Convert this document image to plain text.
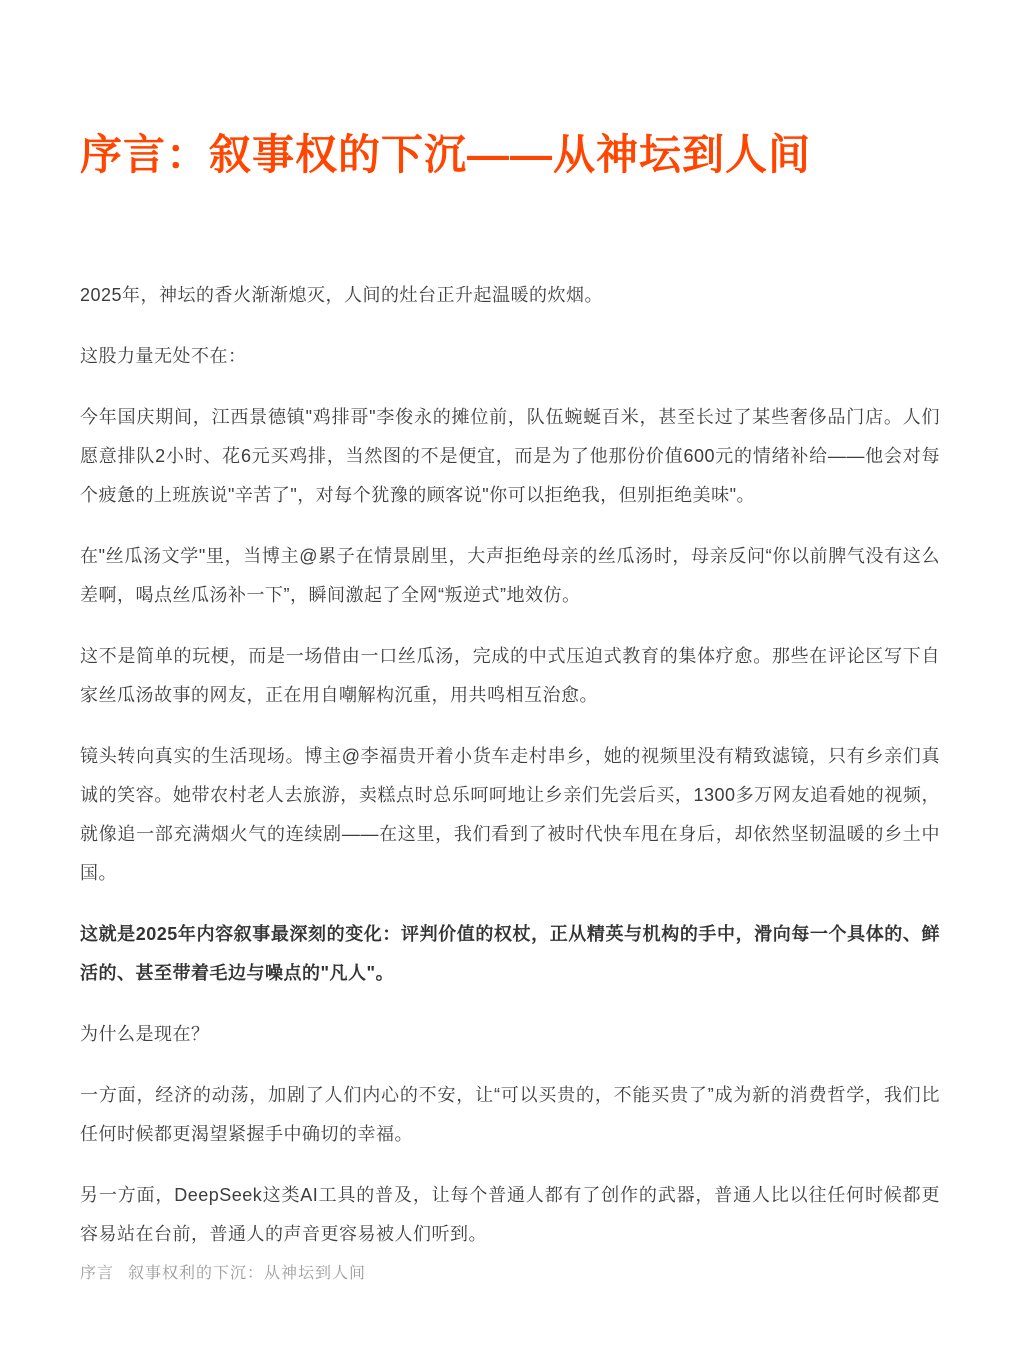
序言：叙事权的下沉——从神坛到人间

2025年，神坛的香火渐渐熄灭，人间的灶台正升起温暖的炊烟。

这股力量无处不在：

今年国庆期间，江西景德镇"鸡排哥"李俊永的摊位前，队伍蜿蜒百米，甚至长过了某些奢侈品门店。人们愿意排队2小时、花6元买鸡排，当然图的不是便宜，而是为了他那份价值600元的情绪补给——他会对每个疲惫的上班族说"辛苦了"，对每个犹豫的顾客说"你可以拒绝我，但别拒绝美味"。

在"丝瓜汤文学"里，当博主@累子在情景剧里，大声拒绝母亲的丝瓜汤时，母亲反问“你以前脾气没有这么差啊，喝点丝瓜汤补一下”，瞬间激起了全网“叛逆式”地效仿。

这不是简单的玩梗，而是一场借由一口丝瓜汤，完成的中式压迫式教育的集体疗愈。那些在评论区写下自家丝瓜汤故事的网友，正在用自嘲解构沉重，用共鸣相互治愈。

镜头转向真实的生活现场。博主@李福贵开着小货车走村串乡，她的视频里没有精致滤镜，只有乡亲们真诚的笑容。她带农村老人去旅游，卖糕点时总乐呵呵地让乡亲们先尝后买，1300多万网友追看她的视频，就像追一部充满烟火气的连续剧——在这里，我们看到了被时代快车甩在身后，却依然坚韧温暖的乡土中国。

这就是2025年内容叙事最深刻的变化：评判价值的权杖，正从精英与机构的手中，滑向每一个具体的、鲜活的、甚至带着毛边与噪点的"凡人"。

为什么是现在？

一方面，经济的动荡，加剧了人们内心的不安，让“可以买贵的，不能买贵了”成为新的消费哲学，我们比任何时候都更渴望紧握手中确切的幸福。

另一方面，DeepSeek这类AI工具的普及，让每个普通人都有了创作的武器，普通人比以往任何时候都更容易站在台前，普通人的声音更容易被人们听到。

序言 叙事权利的下沉：从神坛到人间
